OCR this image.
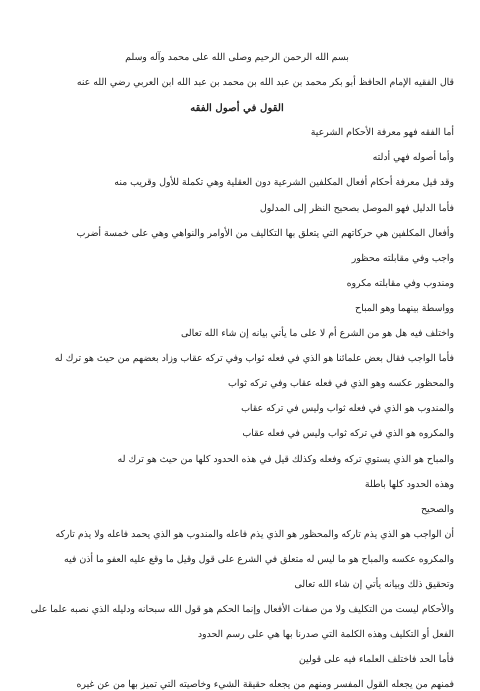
بسم الله الرحمن الرحيم وصلى الله على محمد وآله وسلم
قال الفقيه الإمام الحافظ أبو بكر محمد بن عبد الله بن محمد بن عبد الله ابن العربي رضي الله عنه
القول في أصول الفقه
أما الفقه فهو معرفة الأحكام الشرعية
وأما أصوله فهي أدلته
وقد قيل معرفة أحكام أفعال المكلفين الشرعية دون العقلية وهي تكملة للأول وقريب منه
فأما الدليل فهو الموصل بصحيح النظر إلى المدلول
وأفعال المكلفين هي حركاتهم التي يتعلق بها التكاليف من الأوامر والنواهي وهي على خمسة أضرب
واجب وفي مقابلته محظور
ومندوب وفي مقابلته مكروه
وواسطة بينهما وهو المباح
واختلف فيه هل هو من الشرع أم لا على ما يأتي بيانه إن شاء الله تعالى
فأما الواجب فقال بعض علمائنا هو الذي في فعله ثواب وفي تركه عقاب وزاد بعضهم من حيث هو ترك له
والمحظور عكسه وهو الذي في فعله عقاب وفي تركه ثواب
والمندوب هو الذي في فعله ثواب وليس في تركه عقاب
والمكروه هو الذي في تركه ثواب وليس في فعله عقاب
والمباح هو الذي يستوي تركه وفعله وكذلك قيل في هذه الحدود كلها من حيث هو ترك له
وهذه الحدود كلها باطلة
والصحيح
أن الواجب هو الذي يذم تاركه والمحظور هو الذي يذم فاعله والمندوب هو الذي يحمد فاعله ولا يذم تاركه
والمكروه عكسه والمباح هو ما ليس له متعلق في الشرع على قول وقيل ما وقع عليه العفو ما أذن فيه
وتحقيق ذلك وبيانه يأتي إن شاء الله تعالى
والأحكام ليست من التكليف ولا من صفات الأفعال وإنما الحكم هو قول الله سبحانه ودليله الذي نصبه علما على
الفعل أو التكليف وهذه الكلمة التي صدرنا بها هي على رسم الحدود
فأما الحد فاختلف العلماء فيه على قولين
فمنهم من يجعله القول المفسر ومنهم من يجعله حقيقة الشيء وخاصيته التي تميز بها من عن غيره
